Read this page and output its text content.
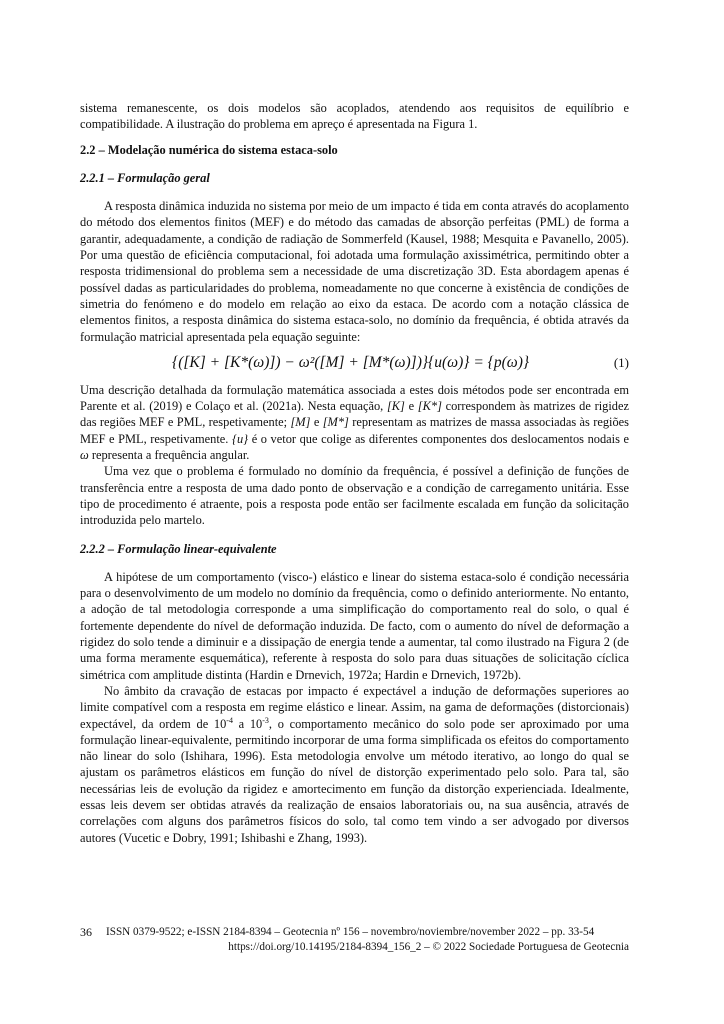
sistema remanescente, os dois modelos são acoplados, atendendo aos requisitos de equilíbrio e compatibilidade. A ilustração do problema em apreço é apresentada na Figura 1.

2.2 – Modelação numérica do sistema estaca-solo
2.2.1 – Formulação geral

A resposta dinâmica induzida no sistema por meio de um impacto é tida em conta através do acoplamento do método dos elementos finitos (MEF) e do método das camadas de absorção perfeitas (PML) de forma a garantir, adequadamente, a condição de radiação de Sommerfeld (Kausel, 1988; Mesquita e Pavanello, 2005). Por uma questão de eficiência computacional, foi adotada uma formulação axissimétrica, permitindo obter a resposta tridimensional do problema sem a necessidade de uma discretização 3D. Esta abordagem apenas é possível dadas as particularidades do problema, nomeadamente no que concerne à existência de condições de simetria do fenómeno e do modelo em relação ao eixo da estaca. De acordo com a notação clássica de elementos finitos, a resposta dinâmica do sistema estaca-solo, no domínio da frequência, é obtida através da formulação matricial apresentada pela equação seguinte:

{([K] + [K*(ω)]) − ω²([M] + [M*(ω)])}{u(ω)} = {p(ω)}	(1)

Uma descrição detalhada da formulação matemática associada a estes dois métodos pode ser encontrada em Parente et al. (2019) e Colaço et al. (2021a). Nesta equação, [K] e [K*] correspondem às matrizes de rigidez das regiões MEF e PML, respetivamente; [M] e [M*] representam as matrizes de massa associadas às regiões MEF e PML, respetivamente. {u} é o vetor que colige as diferentes componentes dos deslocamentos nodais e ω representa a frequência angular.

Uma vez que o problema é formulado no domínio da frequência, é possível a definição de funções de transferência entre a resposta de uma dado ponto de observação e a condição de carregamento unitária. Esse tipo de procedimento é atraente, pois a resposta pode então ser facilmente escalada em função da solicitação introduzida pelo martelo.

2.2.2 – Formulação linear-equivalente

A hipótese de um comportamento (visco-) elástico e linear do sistema estaca-solo é condição necessária para o desenvolvimento de um modelo no domínio da frequência, como o definido anteriormente. No entanto, a adoção de tal metodologia corresponde a uma simplificação do comportamento real do solo, o qual é fortemente dependente do nível de deformação induzida. De facto, com o aumento do nível de deformação a rigidez do solo tende a diminuir e a dissipação de energia tende a aumentar, tal como ilustrado na Figura 2 (de uma forma meramente esquemática), referente à resposta do solo para duas situações de solicitação cíclica simétrica com amplitude distinta (Hardin e Drnevich, 1972a; Hardin e Drnevich, 1972b).

No âmbito da cravação de estacas por impacto é expectável a indução de deformações superiores ao limite compatível com a resposta em regime elástico e linear. Assim, na gama de deformações (distorcionais) expectável, da ordem de $10^{-4}$ a $10^{-3}$, o comportamento mecânico do solo pode ser aproximado por uma formulação linear-equivalente, permitindo incorporar de uma forma simplificada os efeitos do comportamento não linear do solo (Ishihara, 1996). Esta metodologia envolve um método iterativo, ao longo do qual se ajustam os parâmetros elásticos em função do nível de distorção experimentado pelo solo. Para tal, são necessárias leis de evolução da rigidez e amortecimento em função da distorção experienciada. Idealmente, essas leis devem ser obtidas através da realização de ensaios laboratoriais ou, na sua ausência, através de correlações com alguns dos parâmetros físicos do solo, tal como tem vindo a ser advogado por diversos autores (Vucetic e Dobry, 1991; Ishibashi e Zhang, 1993).

36 ISSN 0379-9522; e-ISSN 2184-8394 – Geotecnia nº 156 – novembro/noviembre/november 2022 – pp. 33-54
https://doi.org/10.14195/2184-8394_156_2 – © 2022 Sociedade Portuguesa de Geotecnia
